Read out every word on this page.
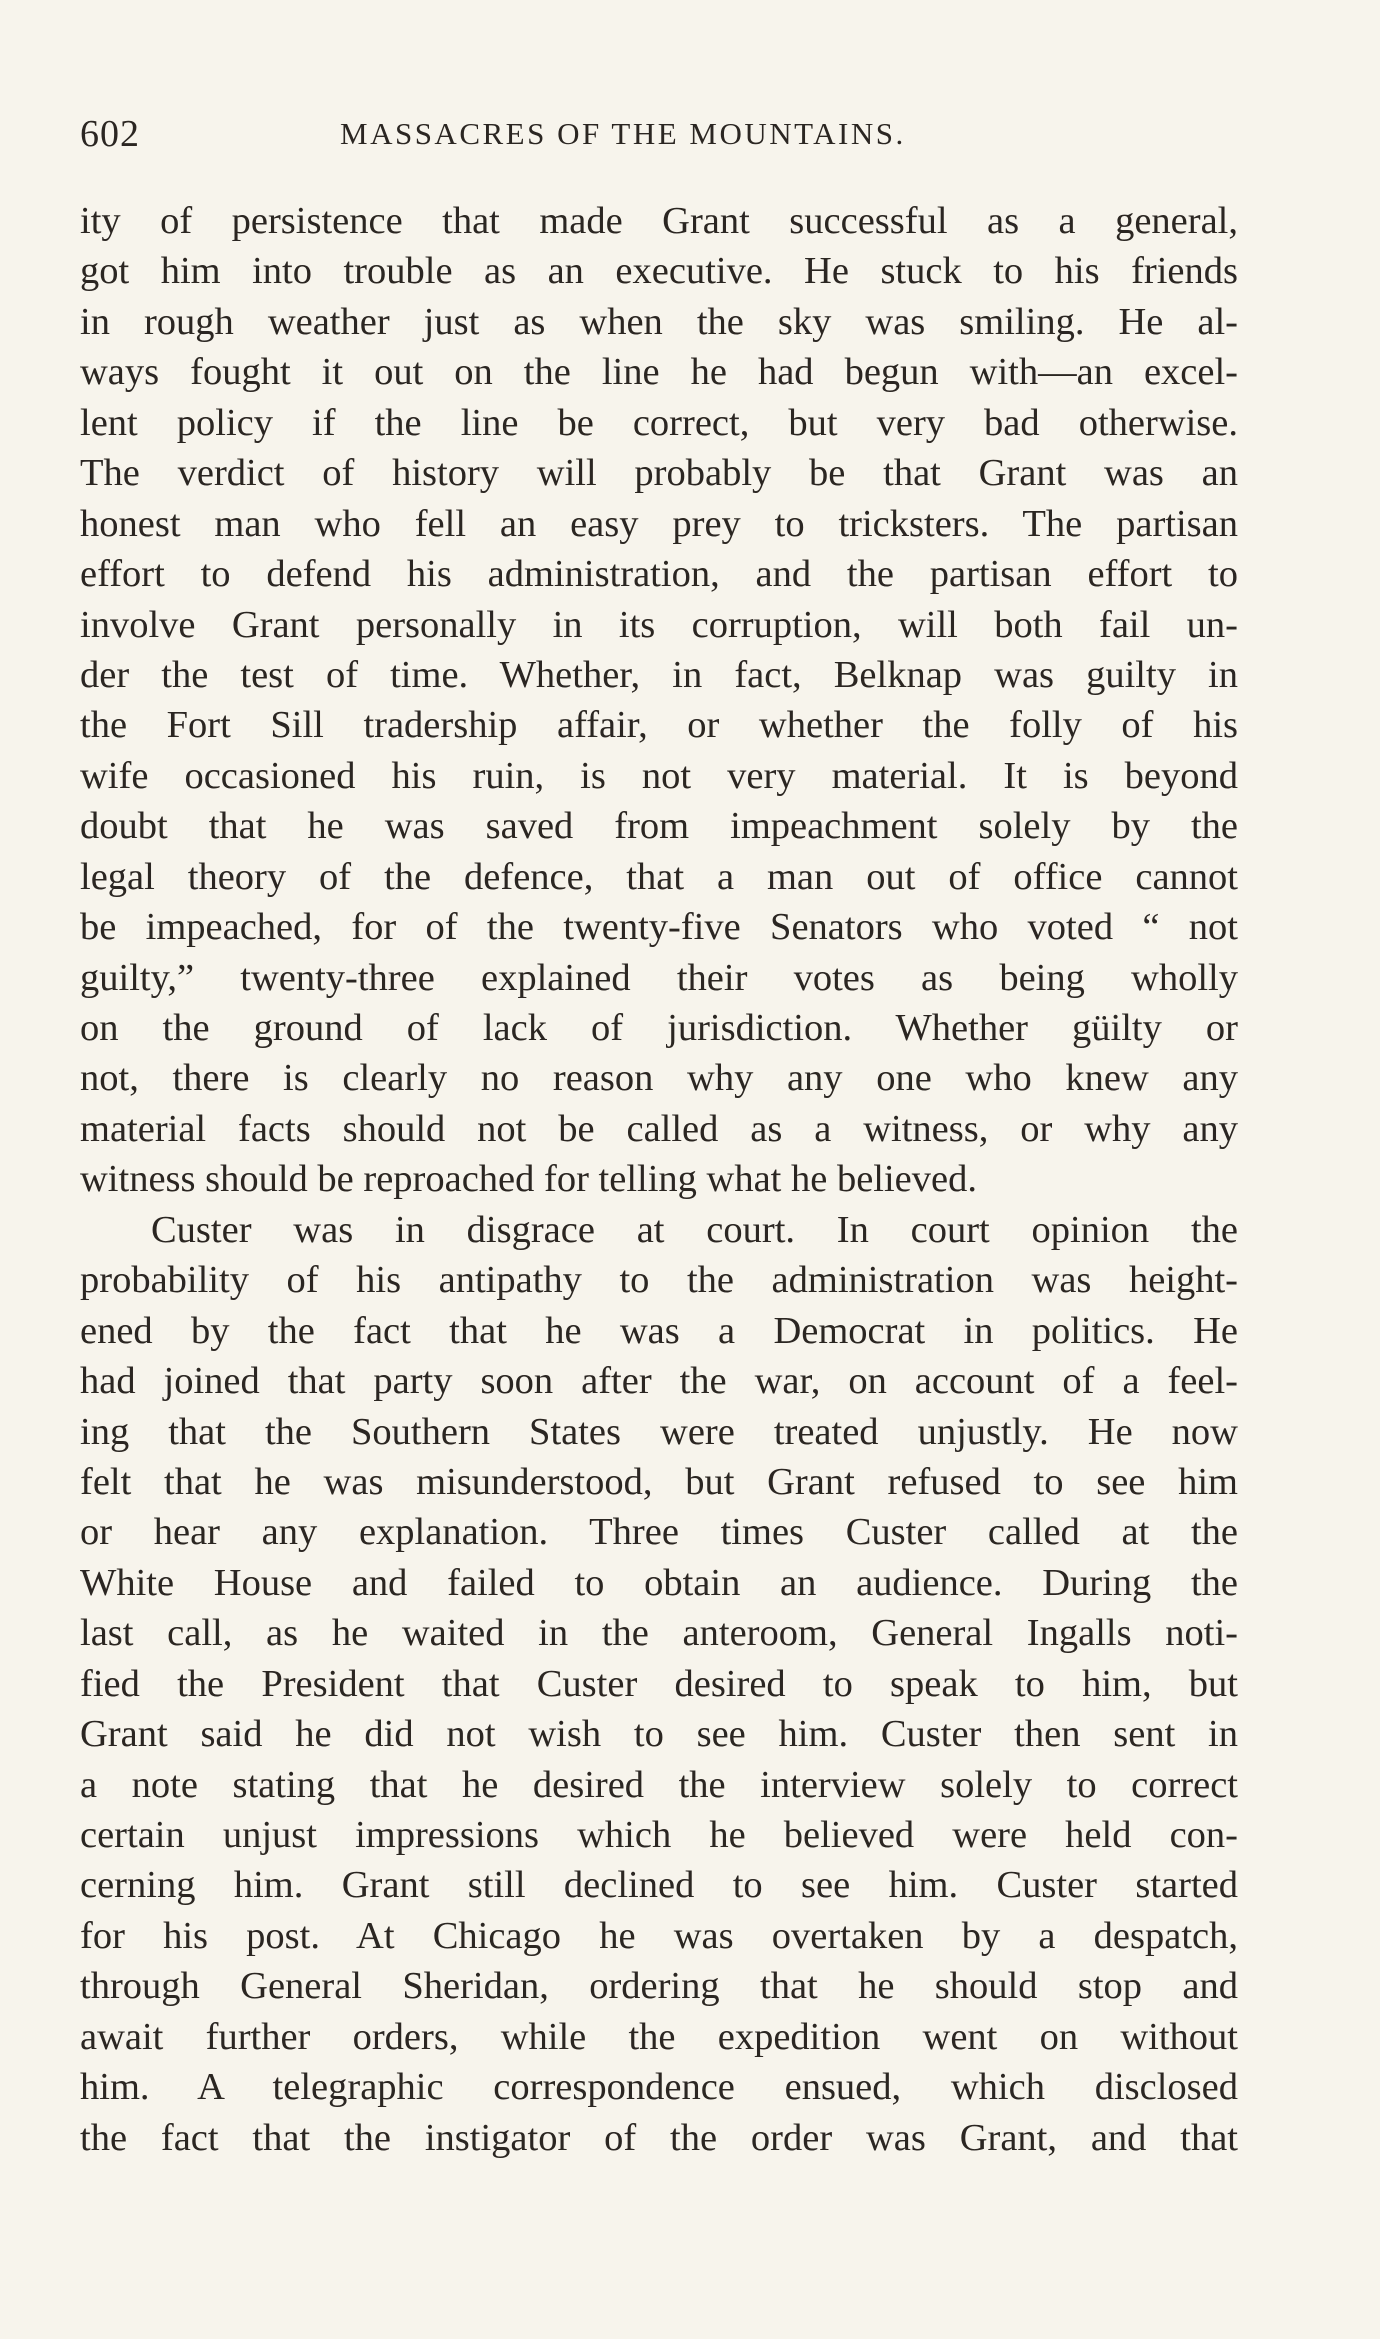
602	MASSACRES OF THE MOUNTAINS.
ity of persistence that made Grant successful as a general,
got him into trouble as an executive. He stuck to his friends
in rough weather just as when the sky was smiling. He al-
ways fought it out on the line he had begun with—an excel-
lent policy if the line be correct, but very bad otherwise.
The verdict of history will probably be that Grant was an
honest man who fell an easy prey to tricksters. The partisan
effort to defend his administration, and the partisan effort to
involve Grant personally in its corruption, will both fail un-
der the test of time. Whether, in fact, Belknap was guilty in
the Fort Sill tradership affair, or whether the folly of his
wife occasioned his ruin, is not very material. It is beyond
doubt that he was saved from impeachment solely by the
legal theory of the defence, that a man out of office cannot
be impeached, for of the twenty-five Senators who voted “ not
guilty,” twenty-three explained their votes as being wholly
on the ground of lack of jurisdiction. Whether güilty or
not, there is clearly no reason why any one who knew any
material facts should not be called as a witness, or why any
witness should be reproached for telling what he believed.
Custer was in disgrace at court. In court opinion the
probability of his antipathy to the administration was height-
ened by the fact that he was a Democrat in politics. He
had joined that party soon after the war, on account of a feel-
ing that the Southern States were treated unjustly. He now
felt that he was misunderstood, but Grant refused to see him
or hear any explanation. Three times Custer called at the
White House and failed to obtain an audience. During the
last call, as he waited in the anteroom, General Ingalls noti-
fied the President that Custer desired to speak to him, but
Grant said he did not wish to see him. Custer then sent in
a note stating that he desired the interview solely to correct
certain unjust impressions which he believed were held con-
cerning him. Grant still declined to see him. Custer started
for his post. At Chicago he was overtaken by a despatch,
through General Sheridan, ordering that he should stop and
await further orders, while the expedition went on without
him. A telegraphic correspondence ensued, which disclosed
the fact that the instigator of the order was Grant, and that
